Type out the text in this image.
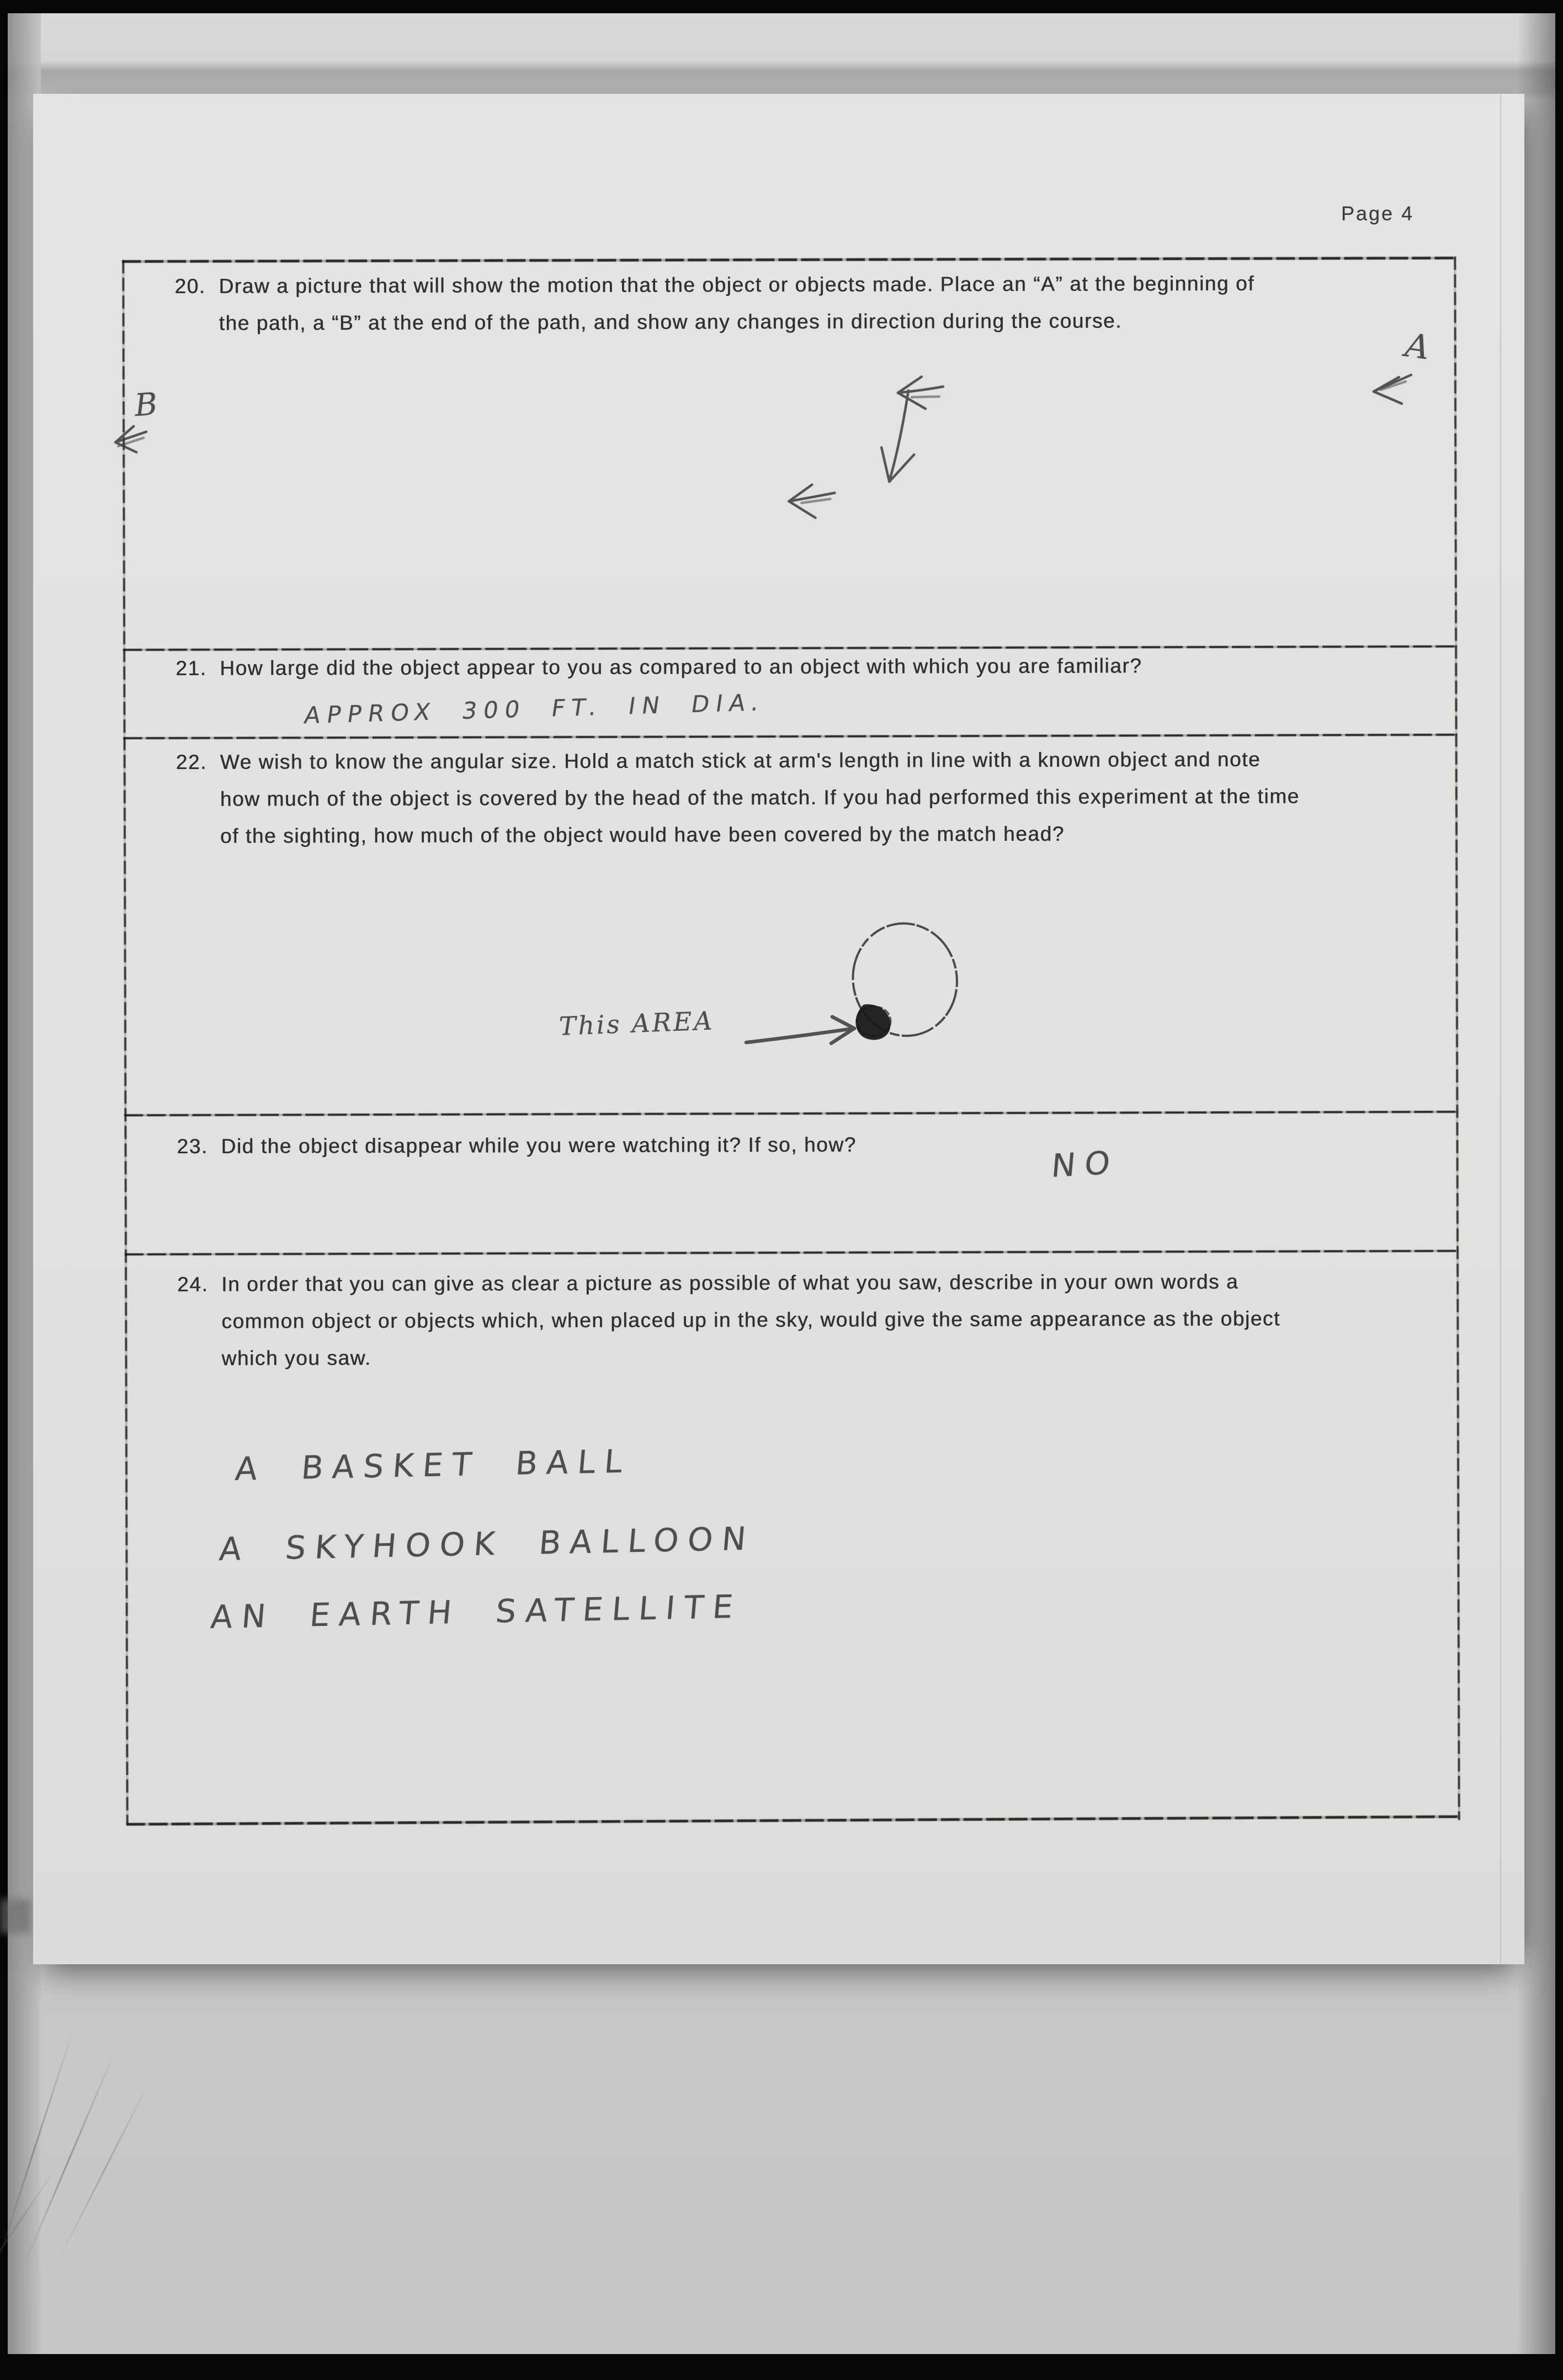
Page 4
20. Draw a picture that will show the motion that the object or objects made. Place an “A” at the beginning of
the path, a “B” at the end of the path, and show any changes in direction during the course.
21. How large did the object appear to you as compared to an object with which you are familiar?
22. We wish to know the angular size. Hold a match stick at arm's length in line with a known object and note
how much of the object is covered by the head of the match. If you had performed this experiment at the time
of the sighting, how much of the object would have been covered by the match head?
23. Did the object disappear while you were watching it? If so, how?
24. In order that you can give as clear a picture as possible of what you saw, describe in your own words a
common object or objects which, when placed up in the sky, would give the same appearance as the object
which you saw.
A
B
APPROX 300 FT. IN DIA.
This AREA
NO
A BASKET BALL
A SKYHOOK BALLOON
AN EARTH SATELLITE
